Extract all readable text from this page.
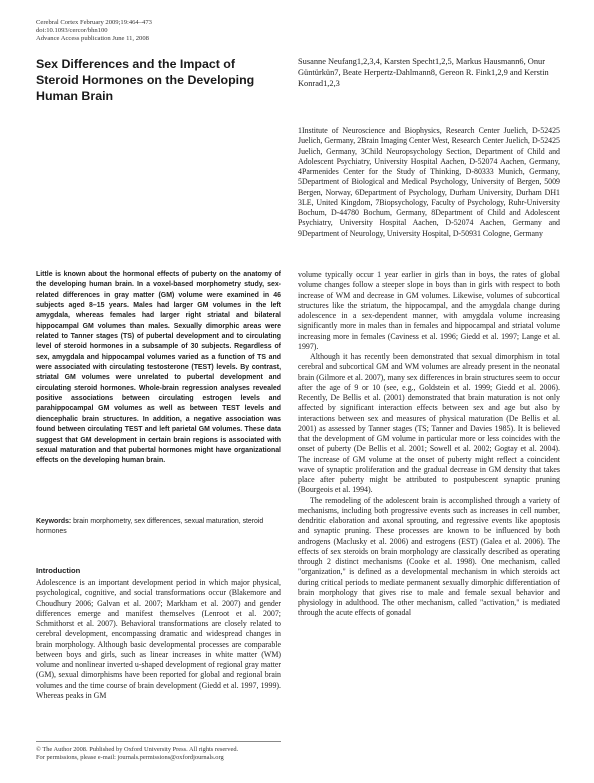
Cerebral Cortex February 2009;19:464–473
doi:10.1093/cercor/bhn100
Advance Access publication June 11, 2008
Sex Differences and the Impact of Steroid Hormones on the Developing Human Brain
Susanne Neufang1,2,3,4, Karsten Specht1,2,5, Markus Hausmann6, Onur Güntürkün7, Beate Herpertz-Dahlmann8, Gereon R. Fink1,2,9 and Kerstin Konrad1,2,3
1Institute of Neuroscience and Biophysics, Research Center Juelich, D-52425 Juelich, Germany, 2Brain Imaging Center West, Research Center Juelich, D-52425 Juelich, Germany, 3Child Neuropsychology Section, Department of Child and Adolescent Psychiatry, University Hospital Aachen, D-52074 Aachen, Germany, 4Parmenides Center for the Study of Thinking, D-80333 Munich, Germany, 5Department of Biological and Medical Psychology, University of Bergen, 5009 Bergen, Norway, 6Department of Psychology, Durham University, Durham DH1 3LE, United Kingdom, 7Biopsychology, Faculty of Psychology, Ruhr-University Bochum, D-44780 Bochum, Germany, 8Department of Child and Adolescent Psychiatry, University Hospital Aachen, D-52074 Aachen, Germany and 9Department of Neurology, University Hospital, D-50931 Cologne, Germany
Little is known about the hormonal effects of puberty on the anatomy of the developing human brain. In a voxel-based morphometry study, sex-related differences in gray matter (GM) volume were examined in 46 subjects aged 8–15 years. Males had larger GM volumes in the left amygdala, whereas females had larger right striatal and bilateral hippocampal GM volumes than males. Sexually dimorphic areas were related to Tanner stages (TS) of pubertal development and to circulating level of steroid hormones in a subsample of 30 subjects. Regardless of sex, amygdala and hippocampal volumes varied as a function of TS and were associated with circulating testosterone (TEST) levels. By contrast, striatal GM volumes were unrelated to pubertal development and circulating steroid hormones. Whole-brain regression analyses revealed positive associations between circulating estrogen levels and parahippocampal GM volumes as well as between TEST levels and diencephalic brain structures. In addition, a negative association was found between circulating TEST and left parietal GM volumes. These data suggest that GM development in certain brain regions is associated with sexual maturation and that pubertal hormones might have organizational effects on the developing human brain.
Keywords: brain morphometry, sex differences, sexual maturation, steroid hormones
Introduction
Adolescence is an important development period in which major physical, psychological, cognitive, and social transformations occur (Blakemore and Choudhury 2006; Galvan et al. 2007; Markham et al. 2007) and gender differences emerge and manifest themselves (Lenroot et al. 2007; Schmithorst et al. 2007). Behavioral transformations are closely related to cerebral development, encompassing dramatic and widespread changes in brain morphology. Although basic developmental processes are comparable between boys and girls, such as linear increases in white matter (WM) volume and nonlinear inverted u-shaped development of regional gray matter (GM), sexual dimorphisms have been reported for global and regional brain volumes and the time course of brain development (Giedd et al. 1997, 1999). Whereas peaks in GM

volume typically occur 1 year earlier in girls than in boys, the rates of global volume changes follow a steeper slope in boys than in girls with respect to both increase of WM and decrease in GM volumes. Likewise, volumes of subcortical structures like the striatum, the hippocampal, and the amygdala change during adolescence in a sex-dependent manner, with amygdala volume increasing significantly more in males than in females and hippocampal and striatal volume increasing more in females (Caviness et al. 1996; Giedd et al. 1997; Lange et al. 1997).

Although it has recently been demonstrated that sexual dimorphism in total cerebral and subcortical GM and WM volumes are already present in the neonatal brain (Gilmore et al. 2007), many sex differences in brain structures seem to occur after the age of 9 or 10 (see, e.g., Goldstein et al. 1999; Giedd et al. 2006). Recently, De Bellis et al. (2001) demonstrated that brain maturation is not only affected by significant interaction effects between sex and age but also by interactions between sex and measures of physical maturation (De Bellis et al. 2001) as assessed by Tanner stages (TS; Tanner and Davies 1985). It is believed that the development of GM volume in particular more or less coincides with the onset of puberty (De Bellis et al. 2001; Sowell et al. 2002; Gogtay et al. 2004). The increase of GM volume at the onset of puberty might reflect a coincident wave of synaptic proliferation and the gradual decrease in GM density that takes place after puberty might be attributed to postpubescent synaptic pruning (Bourgeois et al. 1994).

The remodeling of the adolescent brain is accomplished through a variety of mechanisms, including both progressive events such as increases in cell number, dendritic elaboration and axonal sprouting, and regressive events like apoptosis and synaptic pruning. These processes are known to be influenced by both androgens (Maclusky et al. 2006) and estrogens (EST) (Galea et al. 2006). The effects of sex steroids on brain morphology are classically described as operating through 2 distinct mechanisms (Cooke et al. 1998). One mechanism, called "organization," is defined as a developmental mechanism in which steroids act during critical periods to mediate permanent sexually dimorphic differentiation of brain morphology that gives rise to male and female sexual behavior and physiology in adulthood. The other mechanism, called "activation," is mediated through the acute effects of gonadal

© The Author 2008. Published by Oxford University Press. All rights reserved.
For permissions, please e-mail: journals.permissions@oxfordjournals.org
